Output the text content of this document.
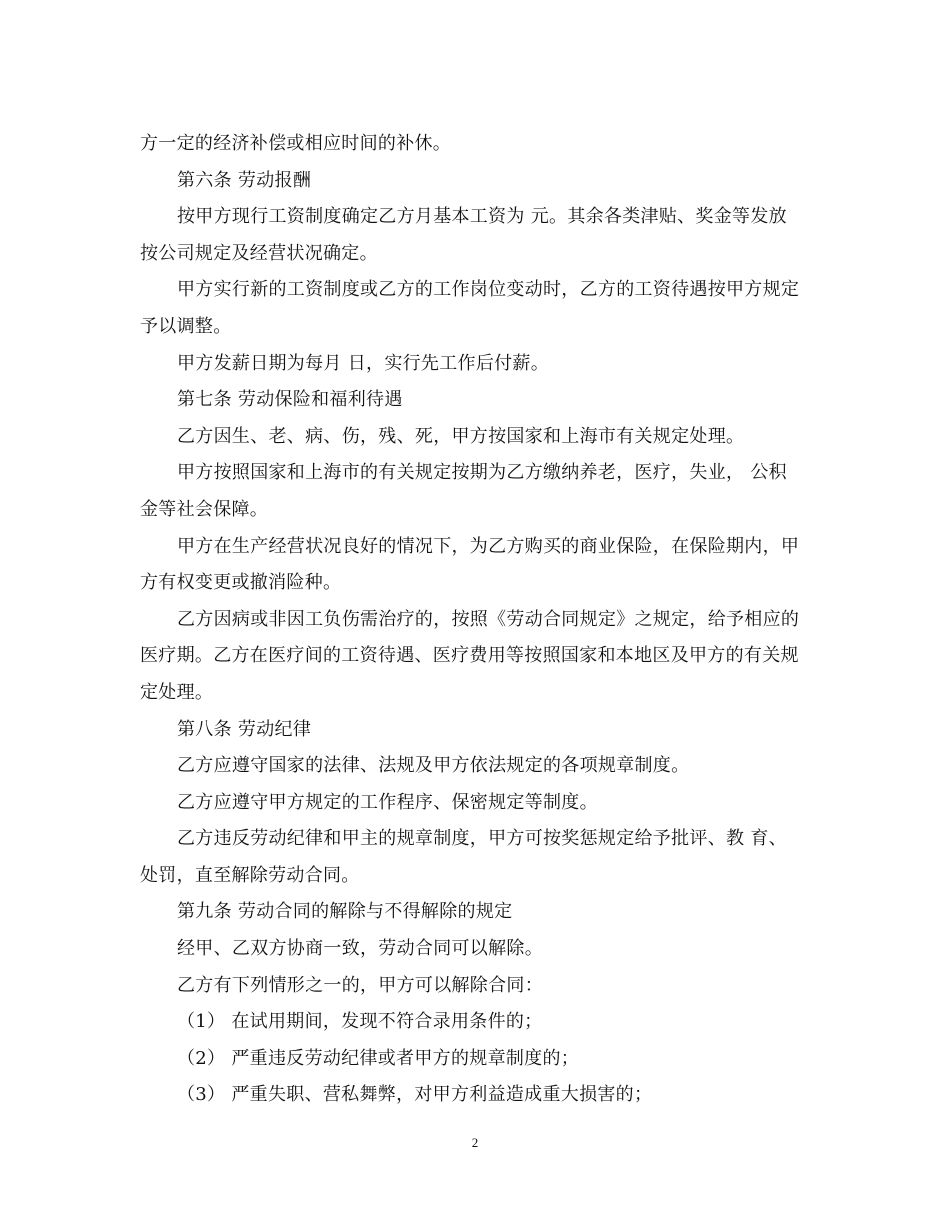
方一定的经济补偿或相应时间的补休。
第六条 劳动报酬
按甲方现行工资制度确定乙方月基本工资为 元。其余各类津贴、奖金等发放
按公司规定及经营状况确定。
甲方实行新的工资制度或乙方的工作岗位变动时，乙方的工资待遇按甲方规定
予以调整。
甲方发薪日期为每月 日，实行先工作后付薪。
第七条 劳动保险和福利待遇
乙方因生、老、病、伤，残、死，甲方按国家和上海市有关规定处理。
甲方按照国家和上海市的有关规定按期为乙方缴纳养老，医疗，失业， 公积
金等社会保障。
甲方在生产经营状况良好的情况下，为乙方购买的商业保险，在保险期内，甲
方有权变更或撤消险种。
乙方因病或非因工负伤需治疗的，按照《劳动合同规定》之规定，给予相应的
医疗期。乙方在医疗间的工资待遇、医疗费用等按照国家和本地区及甲方的有关规
定处理。
第八条 劳动纪律
乙方应遵守国家的法律、法规及甲方依法规定的各项规章制度。
乙方应遵守甲方规定的工作程序、保密规定等制度。
乙方违反劳动纪律和甲主的规章制度，甲方可按奖惩规定给予批评、教 育、
处罚，直至解除劳动合同。
第九条 劳动合同的解除与不得解除的规定
经甲、乙双方协商一致，劳动合同可以解除。
乙方有下列情形之一的，甲方可以解除合同：
（1） 在试用期间，发现不符合录用条件的；
（2） 严重违反劳动纪律或者甲方的规章制度的；
（3） 严重失职、营私舞弊，对甲方利益造成重大损害的；
2
